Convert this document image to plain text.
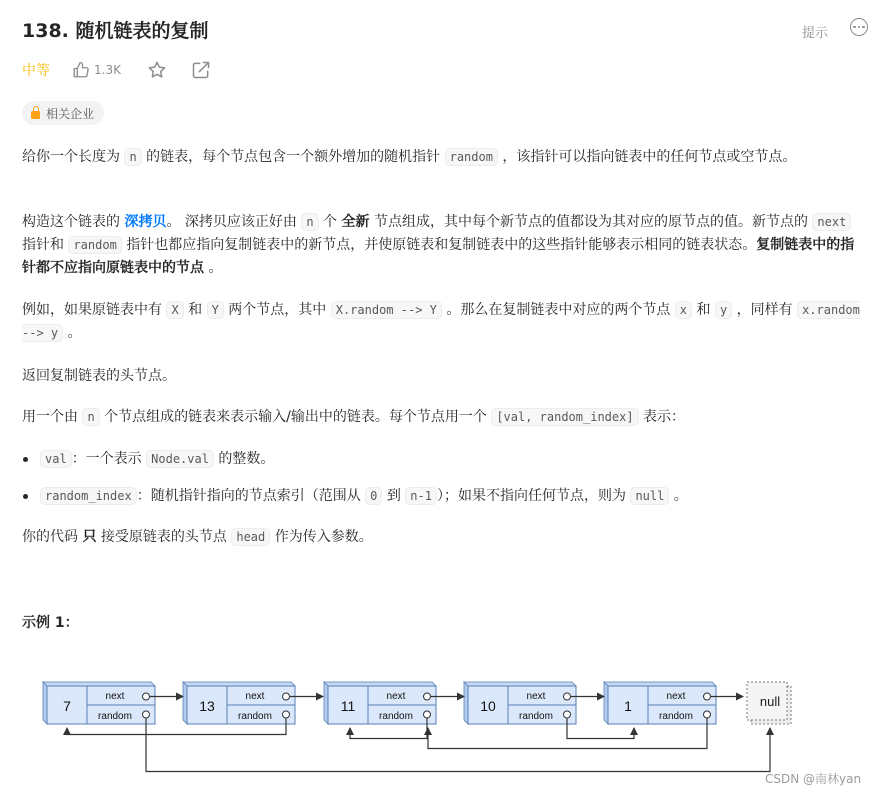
138. 随机链表的复制	提示
中等	1.3K
相关企业
给你一个长度为 n 的链表，每个节点包含一个额外增加的随机指针 random ，该指针可以指向链表中的任何节点或空节点。
构造这个链表的 深拷贝。 深拷贝应该正好由 n 个 全新 节点组成，其中每个新节点的值都设为其对应的原节点的值。新节点的 next 指针和 random 指针也都应指向复制链表中的新节点，并使原链表和复制链表中的这些指针能够表示相同的链表状态。复制链表中的指针都不应指向原链表中的节点 。
例如，如果原链表中有 X 和 Y 两个节点，其中 X.random --> Y 。那么在复制链表中对应的两个节点 x 和 y ，同样有 x.random --> y 。
返回复制链表的头节点。
用一个由 n 个节点组成的链表来表示输入/输出中的链表。每个节点用一个 [val, random_index] 表示：
val ：一个表示 Node.val 的整数。
random_index ：随机指针指向的节点索引（范围从 0 到 n-1 ）；如果不指向任何节点，则为 null 。
你的代码 只 接受原链表的头节点 head 作为传入参数。
示例 1：
7
next
random
13
next
random
11
next
random
10
next
random
1
next
random
null
CSDN @南林yan
